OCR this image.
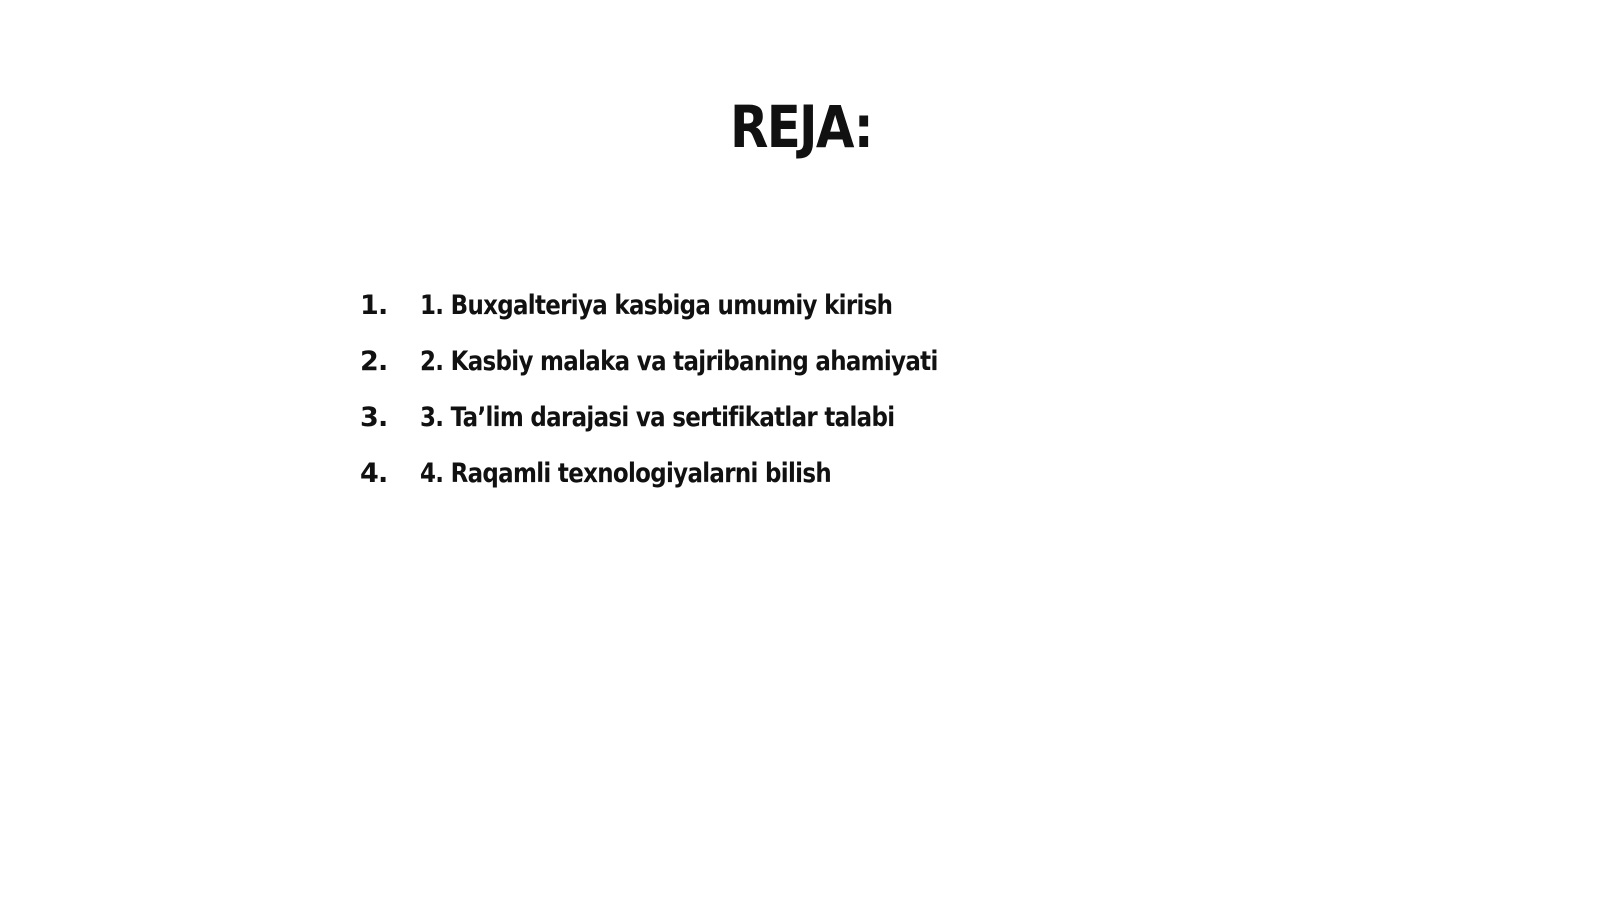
REJA:
1.	1. Buxgalteriya kasbiga umumiy kirish
2.	2. Kasbiy malaka va tajribaning ahamiyati
3.	3. Ta’lim darajasi va sertifikatlar talabi
4.	4. Raqamli texnologiyalarni bilish
